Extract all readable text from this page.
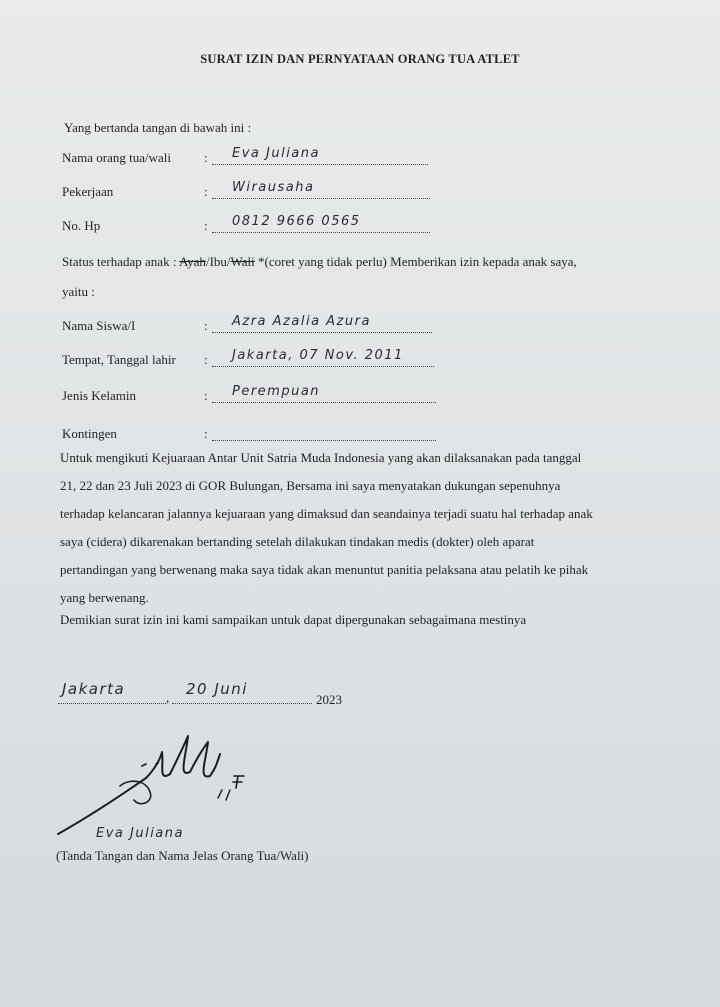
SURAT IZIN DAN PERNYATAAN ORANG TUA ATLET
Yang bertanda tangan di bawah ini :
Nama orang tua/wali	: Eva Juliana
Pekerjaan	: Wirausaha
No. Hp	: 0812 9666 0565
Status terhadap anak : Ayah/Ibu/Wali *(coret yang tidak perlu) Memberikan izin kepada anak saya,
yaitu :
Nama Siswa/I	: Azra Azalia Azura
Tempat, Tanggal lahir : Jakarta, 07 Nov. 2011
Jenis Kelamin	: Perempuan
Kontingen	:
Untuk mengikuti Kejuaraan Antar Unit Satria Muda Indonesia yang akan dilaksanakan pada tanggal
21, 22 dan 23 Juli 2023 di GOR Bulungan, Bersama ini saya menyatakan dukungan sepenuhnya
terhadap kelancaran jalannya kejuaraan yang dimaksud dan seandainya terjadi suatu hal terhadap anak
saya (cidera) dikarenakan bertanding setelah dilakukan tindakan medis (dokter) oleh aparat
pertandingan yang berwenang maka saya tidak akan menuntut panitia pelaksana atau pelatih ke pihak
yang berwenang.
Demikian surat izin ini kami sampaikan untuk dapat dipergunakan sebagaimana mestinya
Jakarta	, 20 Juni
2023
Eva Juliana
(Tanda Tangan dan Nama Jelas Orang Tua/Wali)
